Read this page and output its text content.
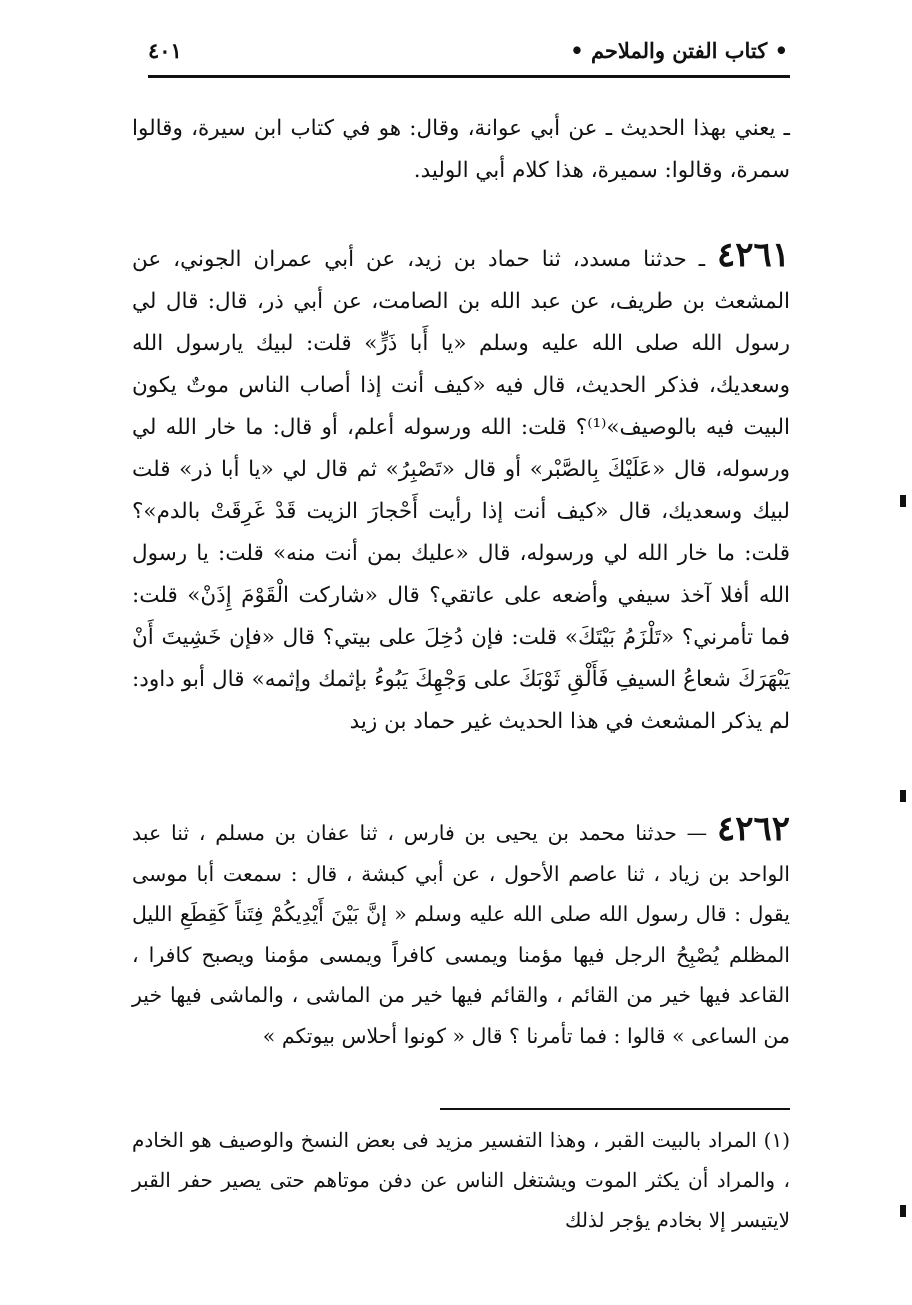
• كتاب الفتن والملاحم •
٤٠١

ـ يعني بهذا الحديث ـ عن أبي عوانة، وقال: هو في كتاب ابن سيرة، وقالوا سمرة، وقالوا: سميرة، هذا كلام أبي الوليد.

٤٢٦١ ـ حدثنا مسدد، ثنا حماد بن زيد، عن أبي عمران الجوني، عن المشعث بن طريف، عن عبد الله بن الصامت، عن أبي ذر، قال: قال لي رسول الله صلى الله عليه وسلم «يا أَبا ذَرٍّ» قلت: لبيك يارسول الله وسعديك، فذكر الحديث، قال فيه «كيف أنت إذا أصاب الناس موتٌ يكون البيت فيه بالوصيف»⁽¹⁾؟ قلت: الله ورسوله أعلم، أو قال: ما خار الله لي ورسوله، قال «عَلَيْكَ بِالصَّبْر» أو قال «تَصْبِرُ» ثم قال لي «يا أبا ذر» قلت لبيك وسعديك، قال «كيف أنت إذا رأيت أَحْجارَ الزيت قَدْ غَرِقَتْ بالدم»؟ قلت: ما خار الله لي ورسوله، قال «عليك بمن أنت منه» قلت: يا رسول الله أفلا آخذ سيفي وأضعه على عاتقي؟ قال «شاركت الْقَوْمَ إِذَنْ» قلت: فما تأمرني؟ «تَلْزَمُ بَيْتَكَ» قلت: فإن دُخِلَ على بيتي؟ قال «فإن خَشِيتَ أَنْ يَبْهَرَكَ شعاعُ السيفِ فَأَلْقِ ثَوْبَكَ على وَجْهِكَ يَبُوءُ بإثمك وإثمه» قال أبو داود: لم يذكر المشعث في هذا الحديث غير حماد بن زيد

٤٢٦٢ — حدثنا محمد بن يحيى بن فارس ، ثنا عفان بن مسلم ، ثنا عبد الواحد بن زياد ، ثنا عاصم الأحول ، عن أبي كبشة ، قال : سمعت أبا موسى يقول : قال رسول الله صلى الله عليه وسلم « إنَّ بَيْنَ أَيْدِيكُمْ فِتَناً كَقِطَعِ الليل المظلم يُصْبِحُ الرجل فيها مؤمنا ويمسى كافراً ويمسى مؤمنا ويصبح كافرا ، القاعد فيها خير من القائم ، والقائم فيها خير من الماشى ، والماشى فيها خير من الساعى » قالوا : فما تأمرنا ؟ قال « كونوا أحلاس بيوتكم »

(١) المراد بالبيت القبر ، وهذا التفسير مزيد فى بعض النسخ والوصيف هو الخادم ، والمراد أن يكثر الموت ويشتغل الناس عن دفن موتاهم حتى يصير حفر القبر لايتيسر إلا بخادم يؤجر لذلك
